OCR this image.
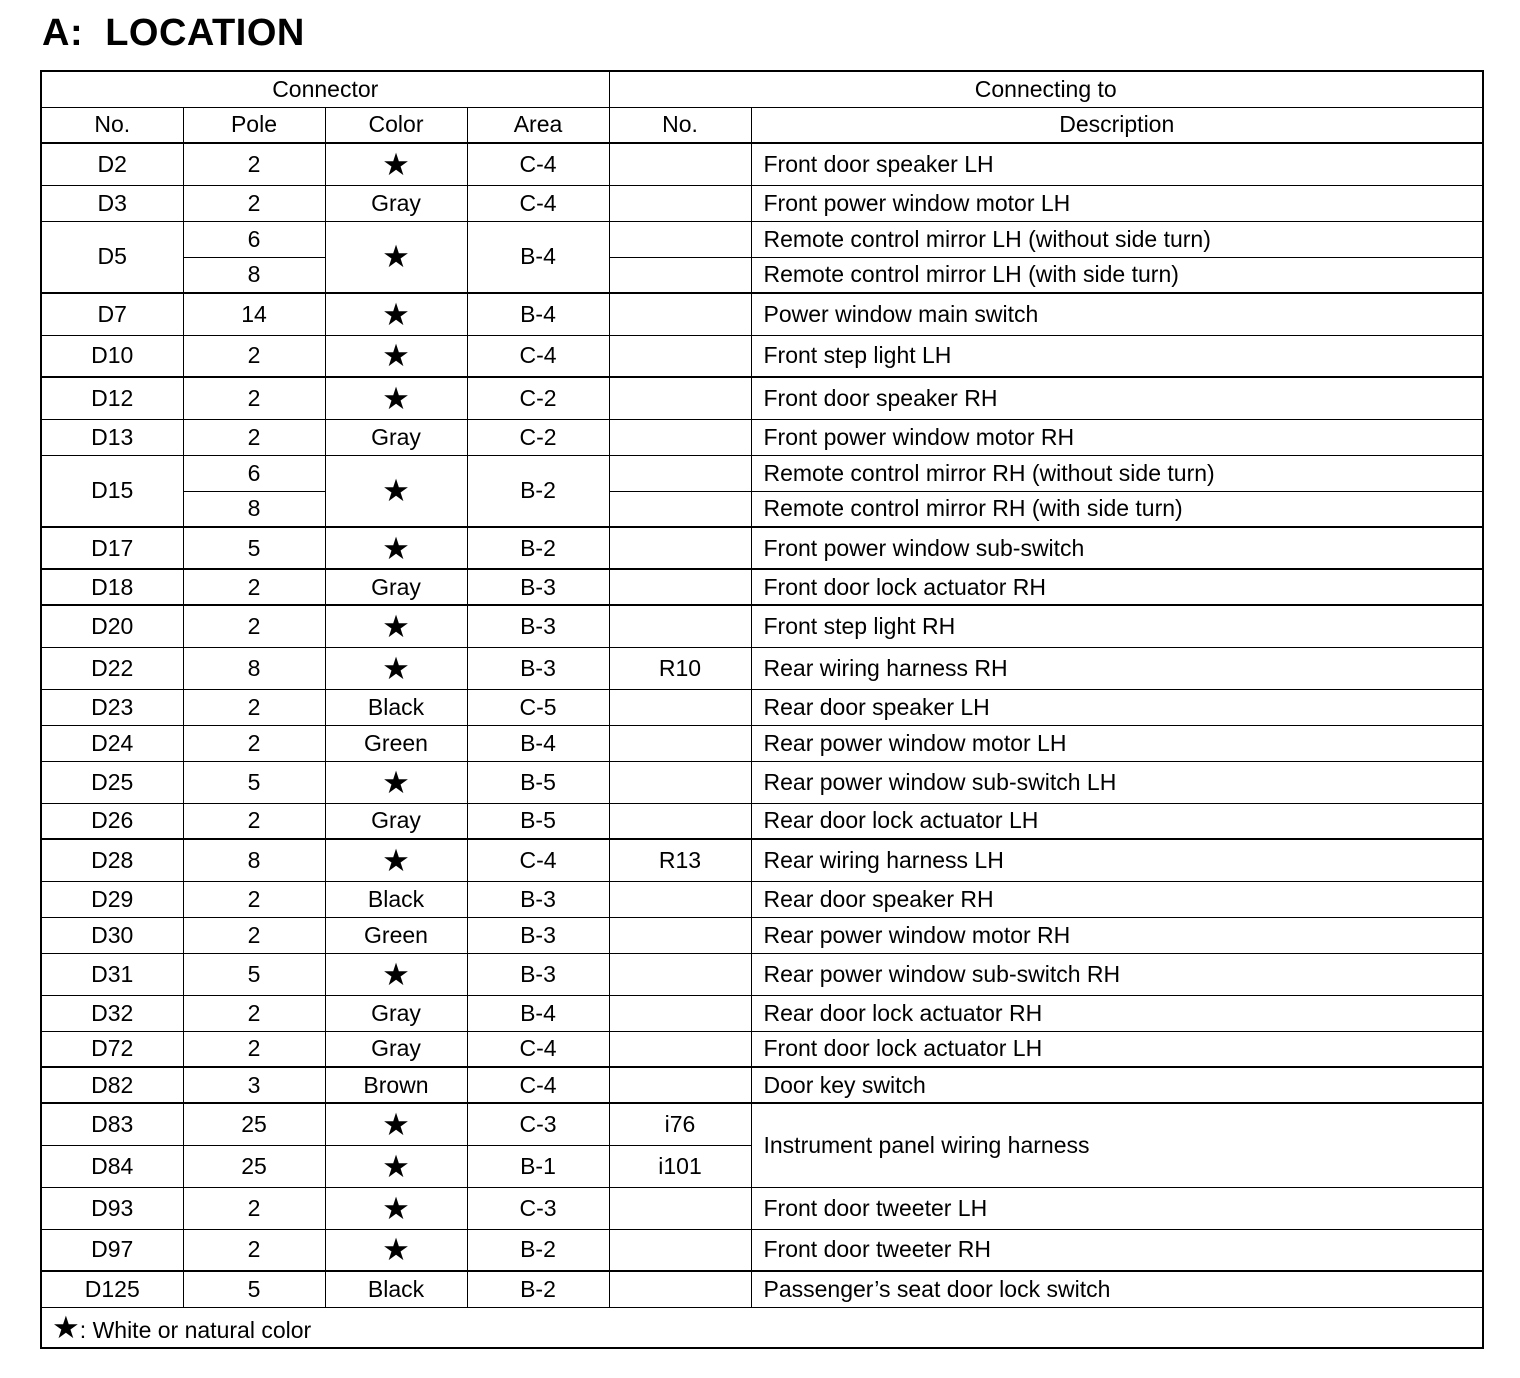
A:  LOCATION
Connector				Connecting to	
No.	Pole	Color	Area	No.	Description
D2	2	★	C-4		Front door speaker LH
D3	2	Gray	C-4		Front power window motor LH
D5	6	★	B-4		Remote control mirror LH (without side turn)
	8				Remote control mirror LH (with side turn)
D7	14	★	B-4		Power window main switch
D10	2	★	C-4		Front step light LH
D12	2	★	C-2		Front door speaker RH
D13	2	Gray	C-2		Front power window motor RH
D15	6	★	B-2		Remote control mirror RH (without side turn)
	8				Remote control mirror RH (with side turn)
D17	5	★	B-2		Front power window sub-switch
D18	2	Gray	B-3		Front door lock actuator RH
D20	2	★	B-3		Front step light RH
D22	8	★	B-3	R10	Rear wiring harness RH
D23	2	Black	C-5		Rear door speaker LH
D24	2	Green	B-4		Rear power window motor LH
D25	5	★	B-5		Rear power window sub-switch LH
D26	2	Gray	B-5		Rear door lock actuator LH
D28	8	★	C-4	R13	Rear wiring harness LH
D29	2	Black	B-3		Rear door speaker RH
D30	2	Green	B-3		Rear power window motor RH
D31	5	★	B-3		Rear power window sub-switch RH
D32	2	Gray	B-4		Rear door lock actuator RH
D72	2	Gray	C-4		Front door lock actuator LH
D82	3	Brown	C-4		Door key switch
D83	25	★	C-3	i76	Instrument panel wiring harness
D84	25	★	B-1	i101	
D93	2	★	C-3		Front door tweeter LH
D97	2	★	B-2		Front door tweeter RH
D125	5	Black	B-2		Passenger’s seat door lock switch
★: White or natural color					
